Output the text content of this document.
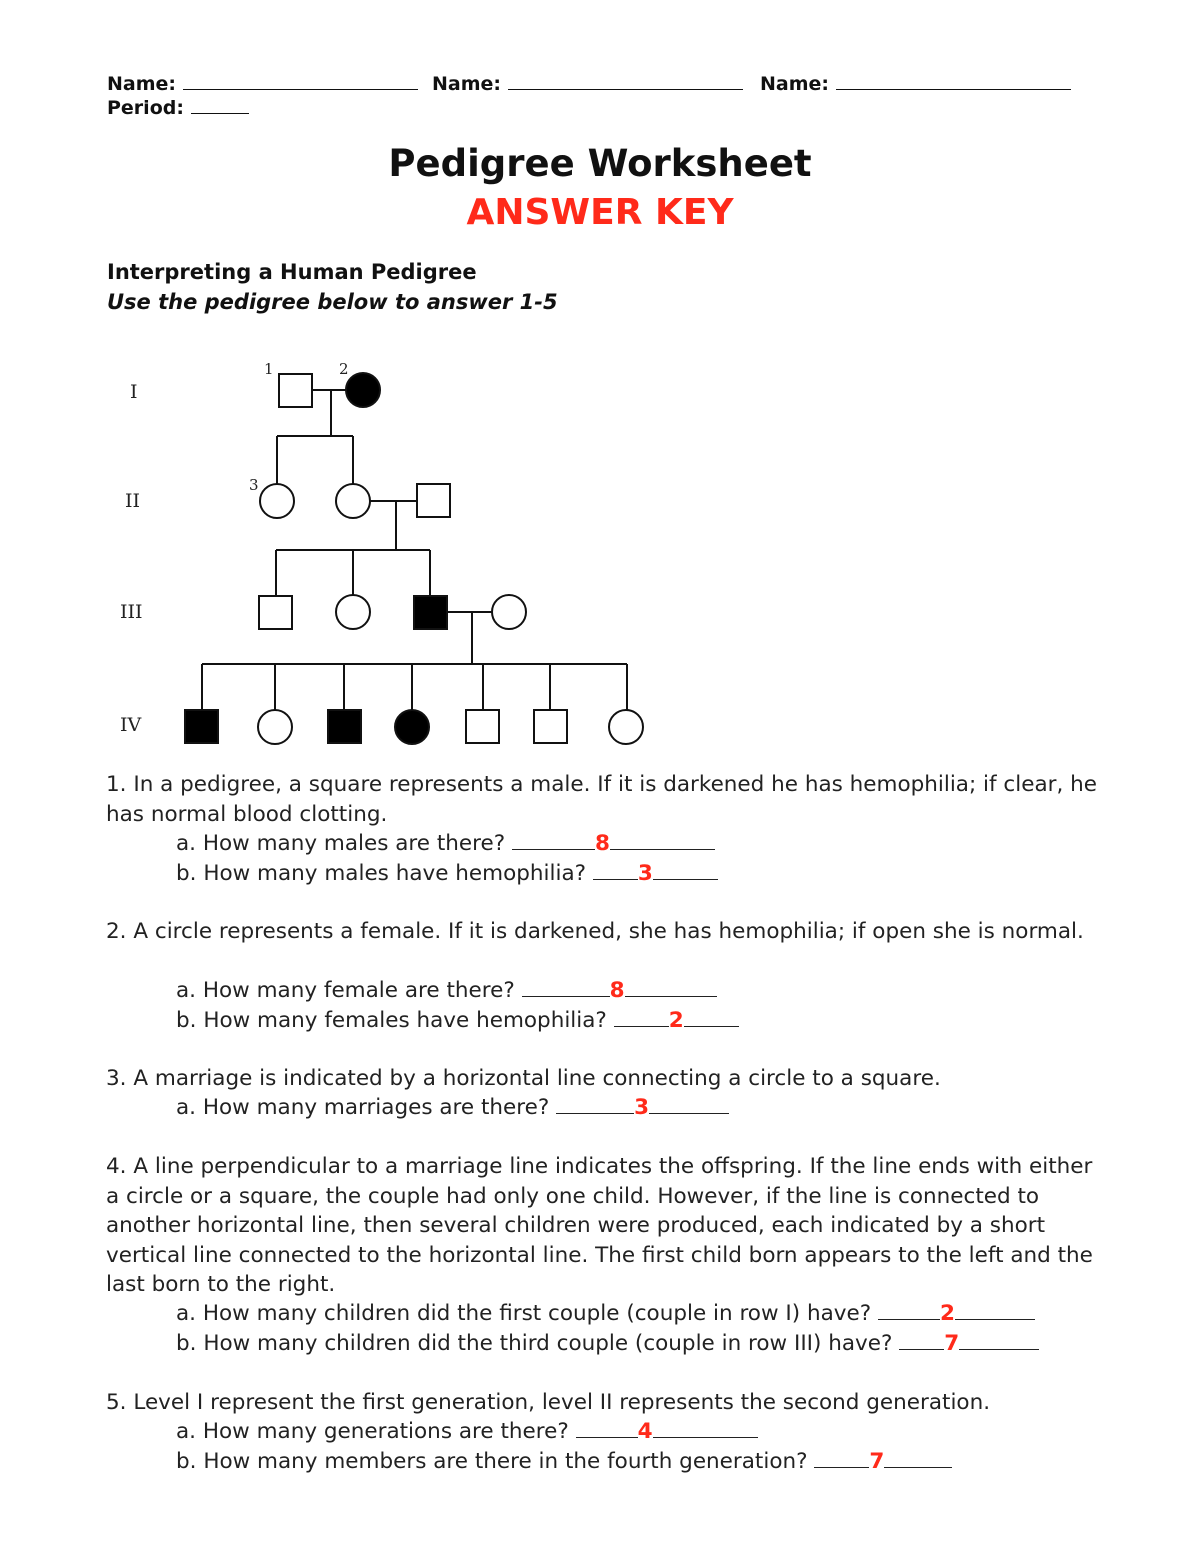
Name:	Name:	Name:
Period:
Pedigree Worksheet
ANSWER KEY
Interpreting a Human Pedigree
Use the pedigree below to answer 1-5
I
II
III
IV
1	2
3
1. In a pedigree, a square represents a male. If it is darkened he has hemophilia; if clear, he has normal blood clotting.
a. How many males are there?	8
b. How many males have hemophilia? 3
2. A circle represents a female. If it is darkened, she has hemophilia; if open she is normal.
a. How many female are there?	8
b. How many females have hemophilia?	2
3. A marriage is indicated by a horizontal line connecting a circle to a square.
a. How many marriages are there?	3
4. A line perpendicular to a marriage line indicates the offspring. If the line ends with either a circle or a square, the couple had only one child. However, if the line is connected to another horizontal line, then several children were produced, each indicated by a short vertical line connected to the horizontal line. The first child born appears to the left and the last born to the right.
a. How many children did the first couple (couple in row I) have?	2
b. How many children did the third couple (couple in row III) have? 7
5. Level I represent the first generation, level II represents the second generation.
a. How many generations are there?	4
b. How many members are there in the fourth generation?	7
